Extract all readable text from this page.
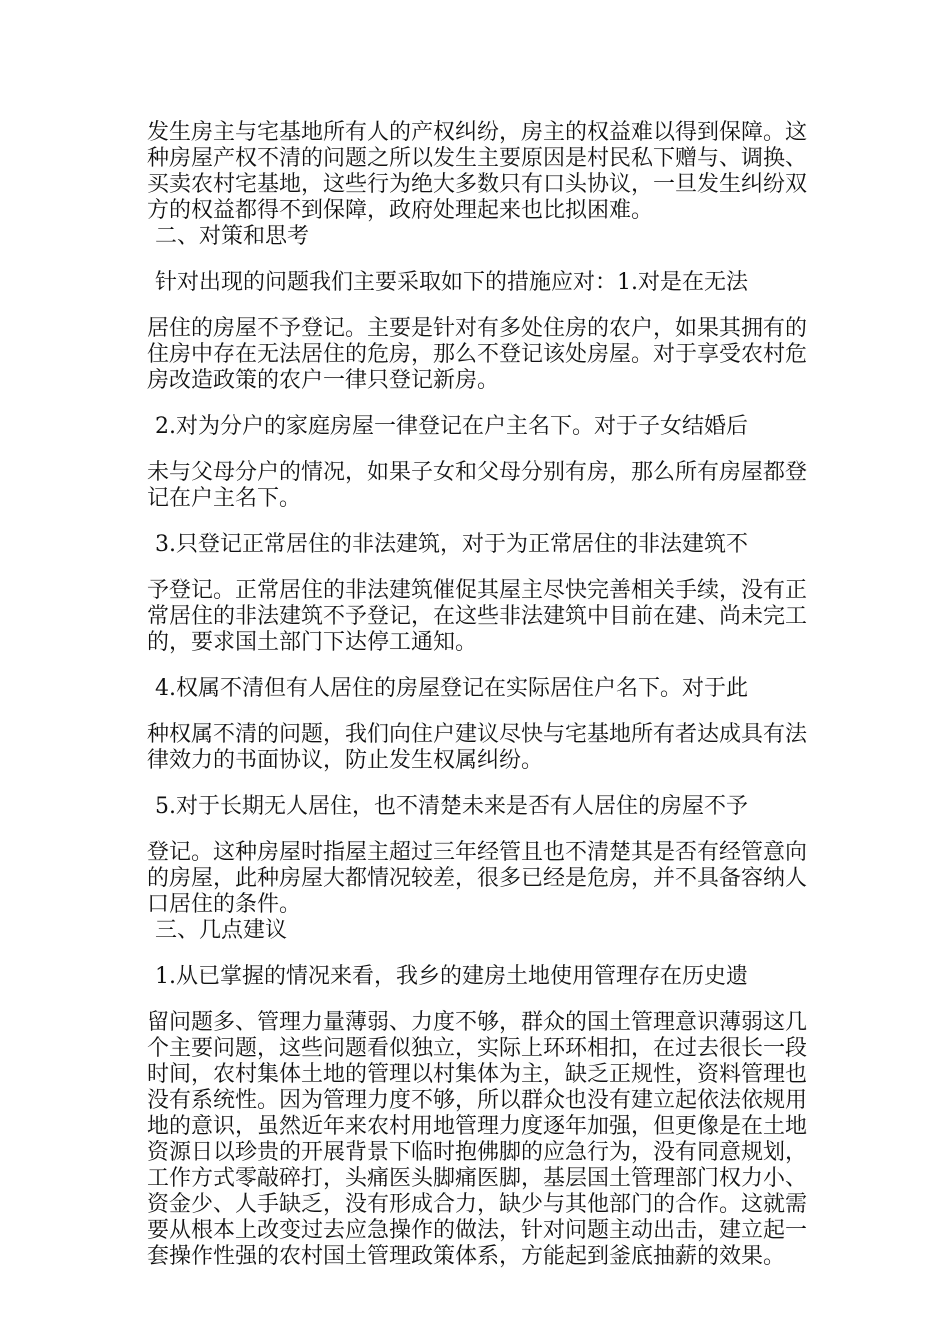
发生房主与宅基地所有人的产权纠纷，房主的权益难以得到保障。这种房屋产权不清的问题之所以发生主要原因是村民私下赠与、调换、买卖农村宅基地，这些行为绝大多数只有口头协议，一旦发生纠纷双方的权益都得不到保障，政府处理起来也比拟困难。

二、对策和思考

针对出现的问题我们主要采取如下的措施应对：1.对是在无法

居住的房屋不予登记。主要是针对有多处住房的农户，如果其拥有的住房中存在无法居住的危房，那么不登记该处房屋。对于享受农村危房改造政策的农户一律只登记新房。

2.对为分户的家庭房屋一律登记在户主名下。对于子女结婚后

未与父母分户的情况，如果子女和父母分别有房，那么所有房屋都登记在户主名下。

3.只登记正常居住的非法建筑，对于为正常居住的非法建筑不

予登记。正常居住的非法建筑催促其屋主尽快完善相关手续，没有正常居住的非法建筑不予登记，在这些非法建筑中目前在建、尚未完工的，要求国土部门下达停工通知。

4.权属不清但有人居住的房屋登记在实际居住户名下。对于此

种权属不清的问题，我们向住户建议尽快与宅基地所有者达成具有法律效力的书面协议，防止发生权属纠纷。

5.对于长期无人居住，也不清楚未来是否有人居住的房屋不予

登记。这种房屋时指屋主超过三年经管且也不清楚其是否有经管意向的房屋，此种房屋大都情况较差，很多已经是危房，并不具备容纳人口居住的条件。

三、几点建议

1.从已掌握的情况来看，我乡的建房土地使用管理存在历史遗

留问题多、管理力量薄弱、力度不够，群众的国土管理意识薄弱这几个主要问题，这些问题看似独立，实际上环环相扣，在过去很长一段时间，农村集体土地的管理以村集体为主，缺乏正规性，资料管理也没有系统性。因为管理力度不够，所以群众也没有建立起依法依规用地的意识，虽然近年来农村用地管理力度逐年加强，但更像是在土地资源日以珍贵的开展背景下临时抱佛脚的应急行为，没有同意规划，工作方式零敲碎打，头痛医头脚痛医脚，基层国土管理部门权力小、资金少、人手缺乏，没有形成合力，缺少与其他部门的合作。这就需要从根本上改变过去应急操作的做法，针对问题主动出击，建立起一套操作性强的农村国土管理政策体系，方能起到釜底抽薪的效果。
